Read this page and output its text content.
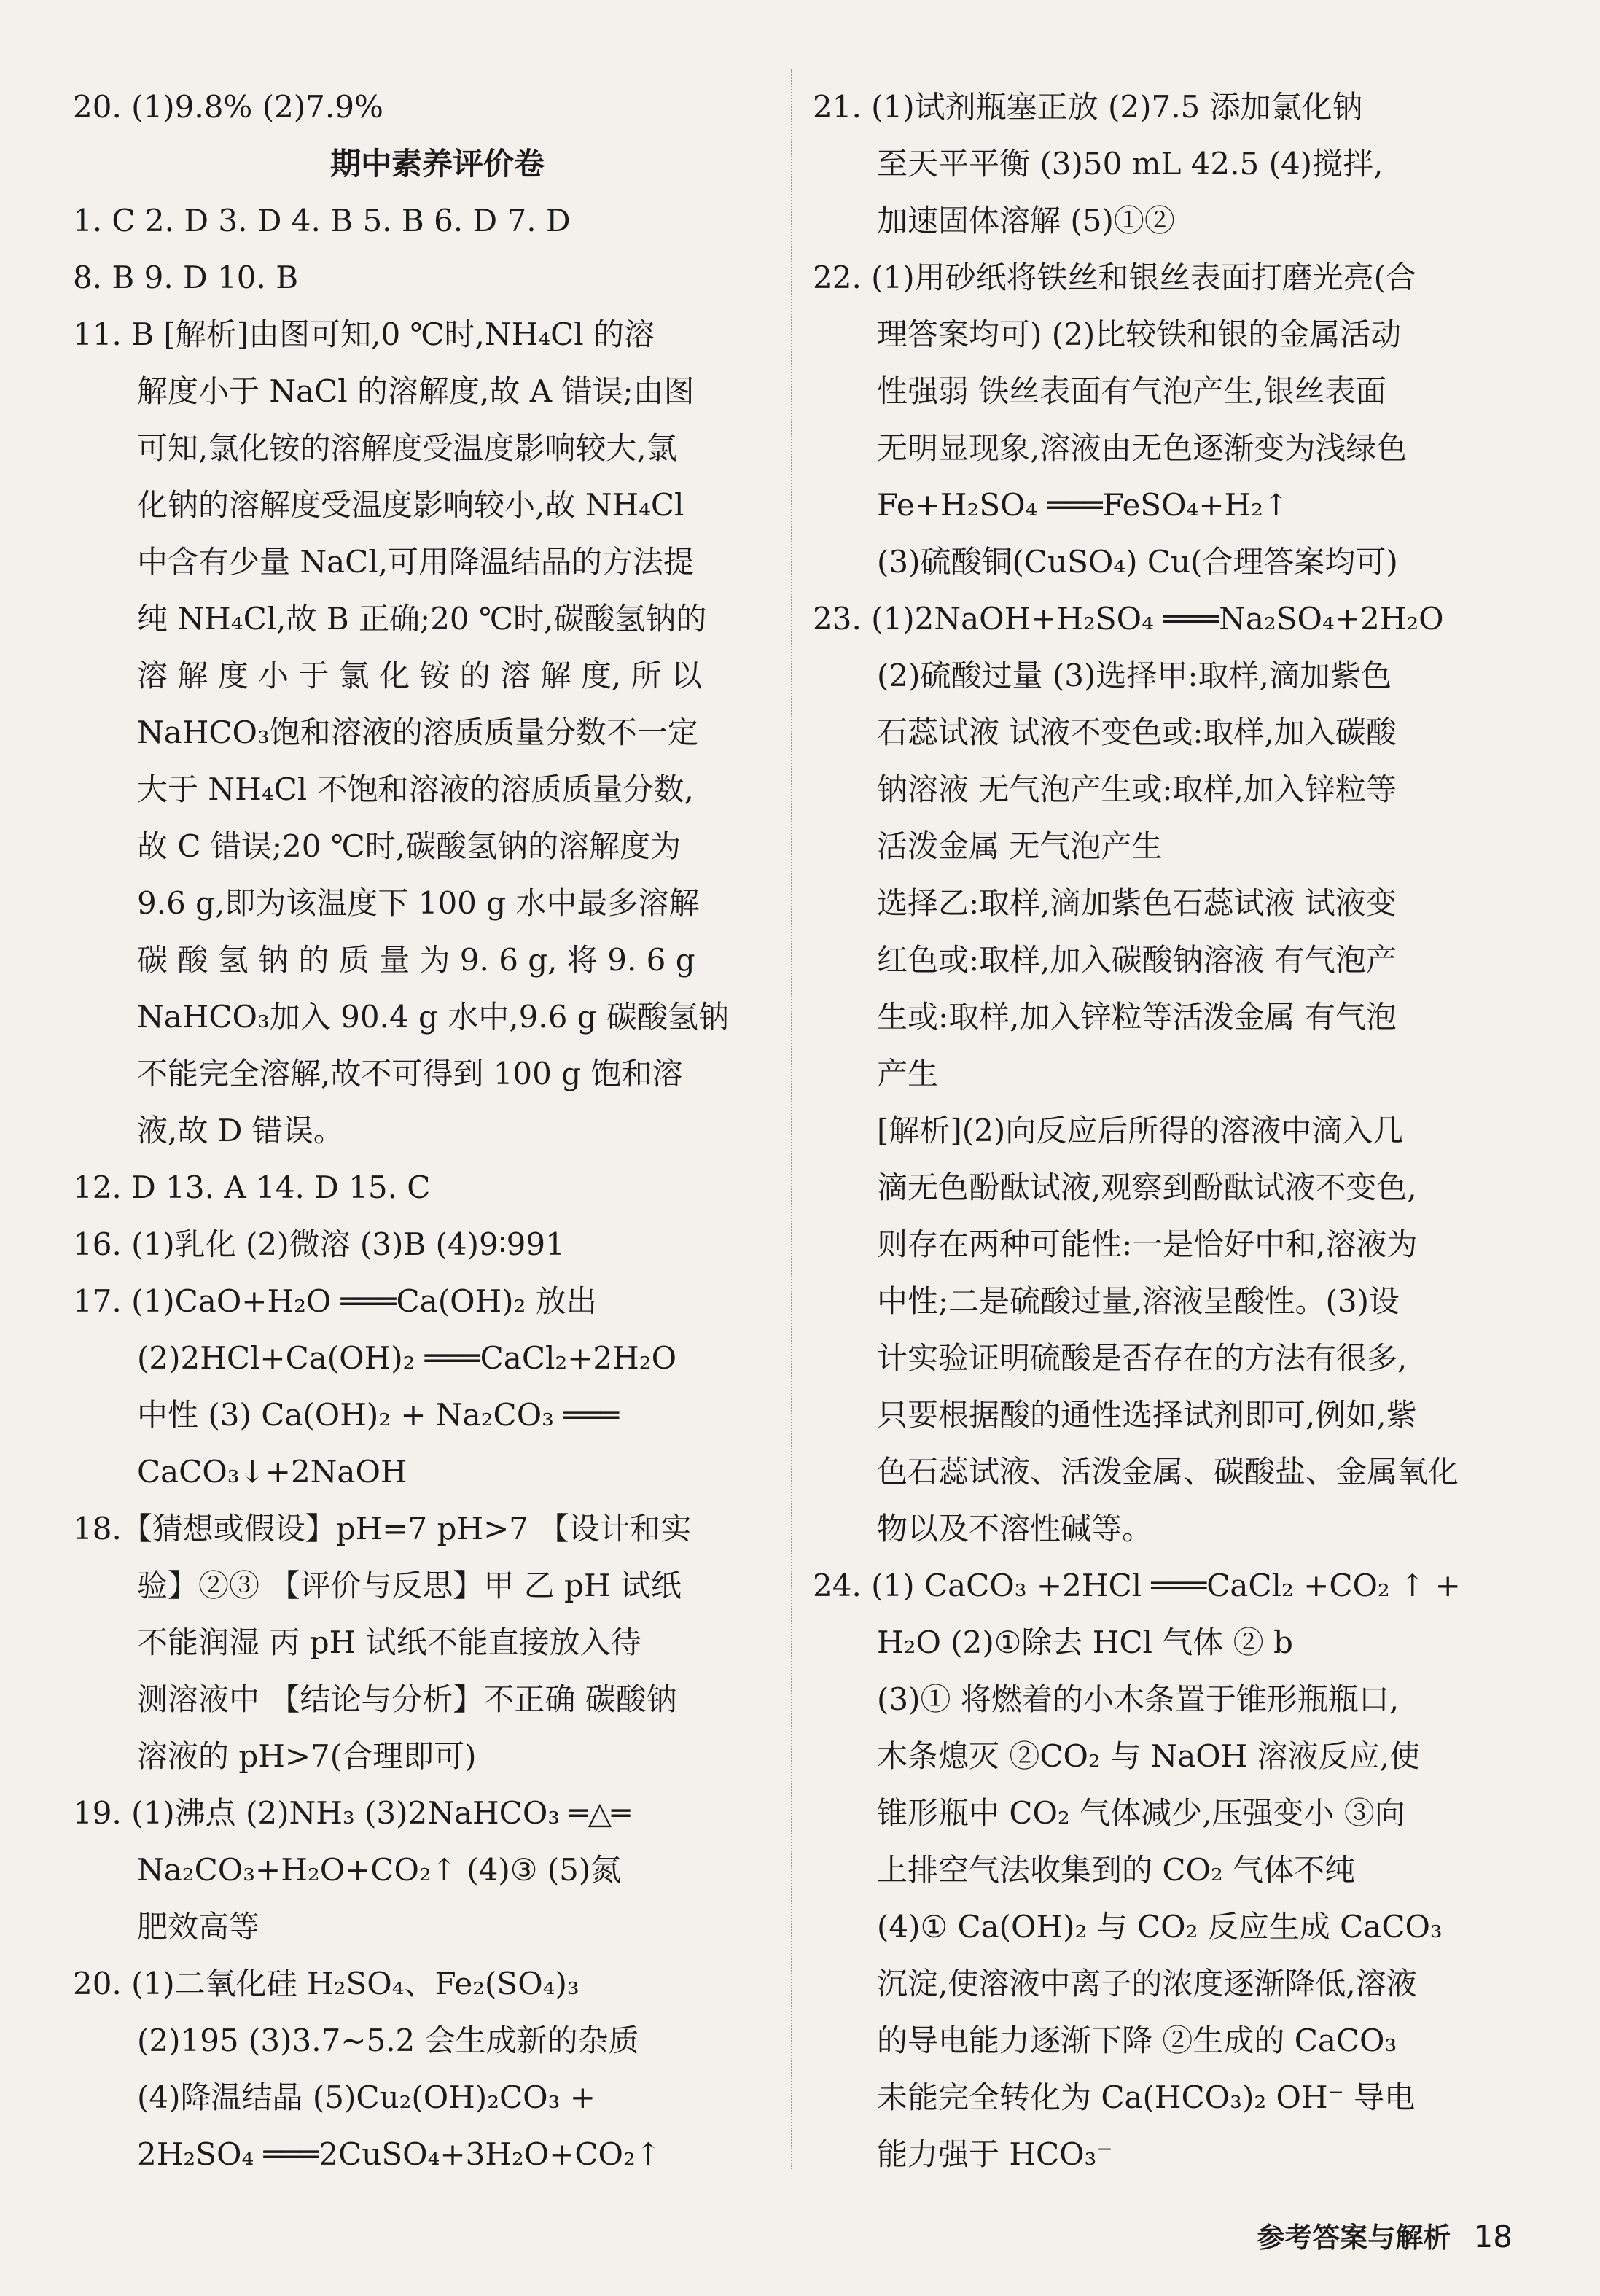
20. (1)9.8% (2)7.9%
期中素养评价卷
1. C 2. D 3. D 4. B 5. B 6. D 7. D
8. B 9. D 10. B
11. B [解析]由图可知,0 ℃时,NH₄Cl 的溶
解度小于 NaCl 的溶解度,故 A 错误;由图
可知,氯化铵的溶解度受温度影响较大,氯
化钠的溶解度受温度影响较小,故 NH₄Cl
中含有少量 NaCl,可用降温结晶的方法提
纯 NH₄Cl,故 B 正确;20 ℃时,碳酸氢钠的
溶 解 度 小 于 氯 化 铵 的 溶 解 度, 所 以
NaHCO₃饱和溶液的溶质质量分数不一定
大于 NH₄Cl 不饱和溶液的溶质质量分数,
故 C 错误;20 ℃时,碳酸氢钠的溶解度为
9.6 g,即为该温度下 100 g 水中最多溶解
碳 酸 氢 钠 的 质 量 为 9. 6 g, 将 9. 6 g
NaHCO₃加入 90.4 g 水中,9.6 g 碳酸氢钠
不能完全溶解,故不可得到 100 g 饱和溶
液,故 D 错误。
12. D 13. A 14. D 15. C
16. (1)乳化 (2)微溶 (3)B (4)9∶991
17. (1)CaO+H₂O ═══Ca(OH)₂ 放出
(2)2HCl+Ca(OH)₂ ═══CaCl₂+2H₂O
中性 (3) Ca(OH)₂ + Na₂CO₃ ═══
CaCO₃↓+2NaOH
18.【猜想或假设】pH=7 pH>7 【设计和实
验】②③ 【评价与反思】甲 乙 pH 试纸
不能润湿 丙 pH 试纸不能直接放入待
测溶液中 【结论与分析】不正确 碳酸钠
溶液的 pH>7(合理即可)
19. (1)沸点 (2)NH₃ (3)2NaHCO₃ ═△═
Na₂CO₃+H₂O+CO₂↑ (4)③ (5)氮
肥效高等
20. (1)二氧化硅 H₂SO₄、Fe₂(SO₄)₃
(2)195 (3)3.7~5.2 会生成新的杂质
(4)降温结晶 (5)Cu₂(OH)₂CO₃ +
2H₂SO₄ ═══2CuSO₄+3H₂O+CO₂↑
21. (1)试剂瓶塞正放 (2)7.5 添加氯化钠
至天平平衡 (3)50 mL 42.5 (4)搅拌,
加速固体溶解 (5)①②
22. (1)用砂纸将铁丝和银丝表面打磨光亮(合
理答案均可) (2)比较铁和银的金属活动
性强弱 铁丝表面有气泡产生,银丝表面
无明显现象,溶液由无色逐渐变为浅绿色
Fe+H₂SO₄ ═══FeSO₄+H₂↑
(3)硫酸铜(CuSO₄) Cu(合理答案均可)
23. (1)2NaOH+H₂SO₄ ═══Na₂SO₄+2H₂O
(2)硫酸过量 (3)选择甲:取样,滴加紫色
石蕊试液 试液不变色或:取样,加入碳酸
钠溶液 无气泡产生或:取样,加入锌粒等
活泼金属 无气泡产生
选择乙:取样,滴加紫色石蕊试液 试液变
红色或:取样,加入碳酸钠溶液 有气泡产
生或:取样,加入锌粒等活泼金属 有气泡
产生
[解析](2)向反应后所得的溶液中滴入几
滴无色酚酞试液,观察到酚酞试液不变色,
则存在两种可能性:一是恰好中和,溶液为
中性;二是硫酸过量,溶液呈酸性。(3)设
计实验证明硫酸是否存在的方法有很多,
只要根据酸的通性选择试剂即可,例如,紫
色石蕊试液、活泼金属、碳酸盐、金属氧化
物以及不溶性碱等。
24. (1) CaCO₃ +2HCl ═══CaCl₂ +CO₂ ↑ +
H₂O (2)①除去 HCl 气体 ② b
(3)① 将燃着的小木条置于锥形瓶瓶口,
木条熄灭 ②CO₂ 与 NaOH 溶液反应,使
锥形瓶中 CO₂ 气体减少,压强变小 ③向
上排空气法收集到的 CO₂ 气体不纯
(4)① Ca(OH)₂ 与 CO₂ 反应生成 CaCO₃
沉淀,使溶液中离子的浓度逐渐降低,溶液
的导电能力逐渐下降 ②生成的 CaCO₃
未能完全转化为 Ca(HCO₃)₂ OH⁻ 导电
能力强于 HCO₃⁻
参考答案与解析 18
